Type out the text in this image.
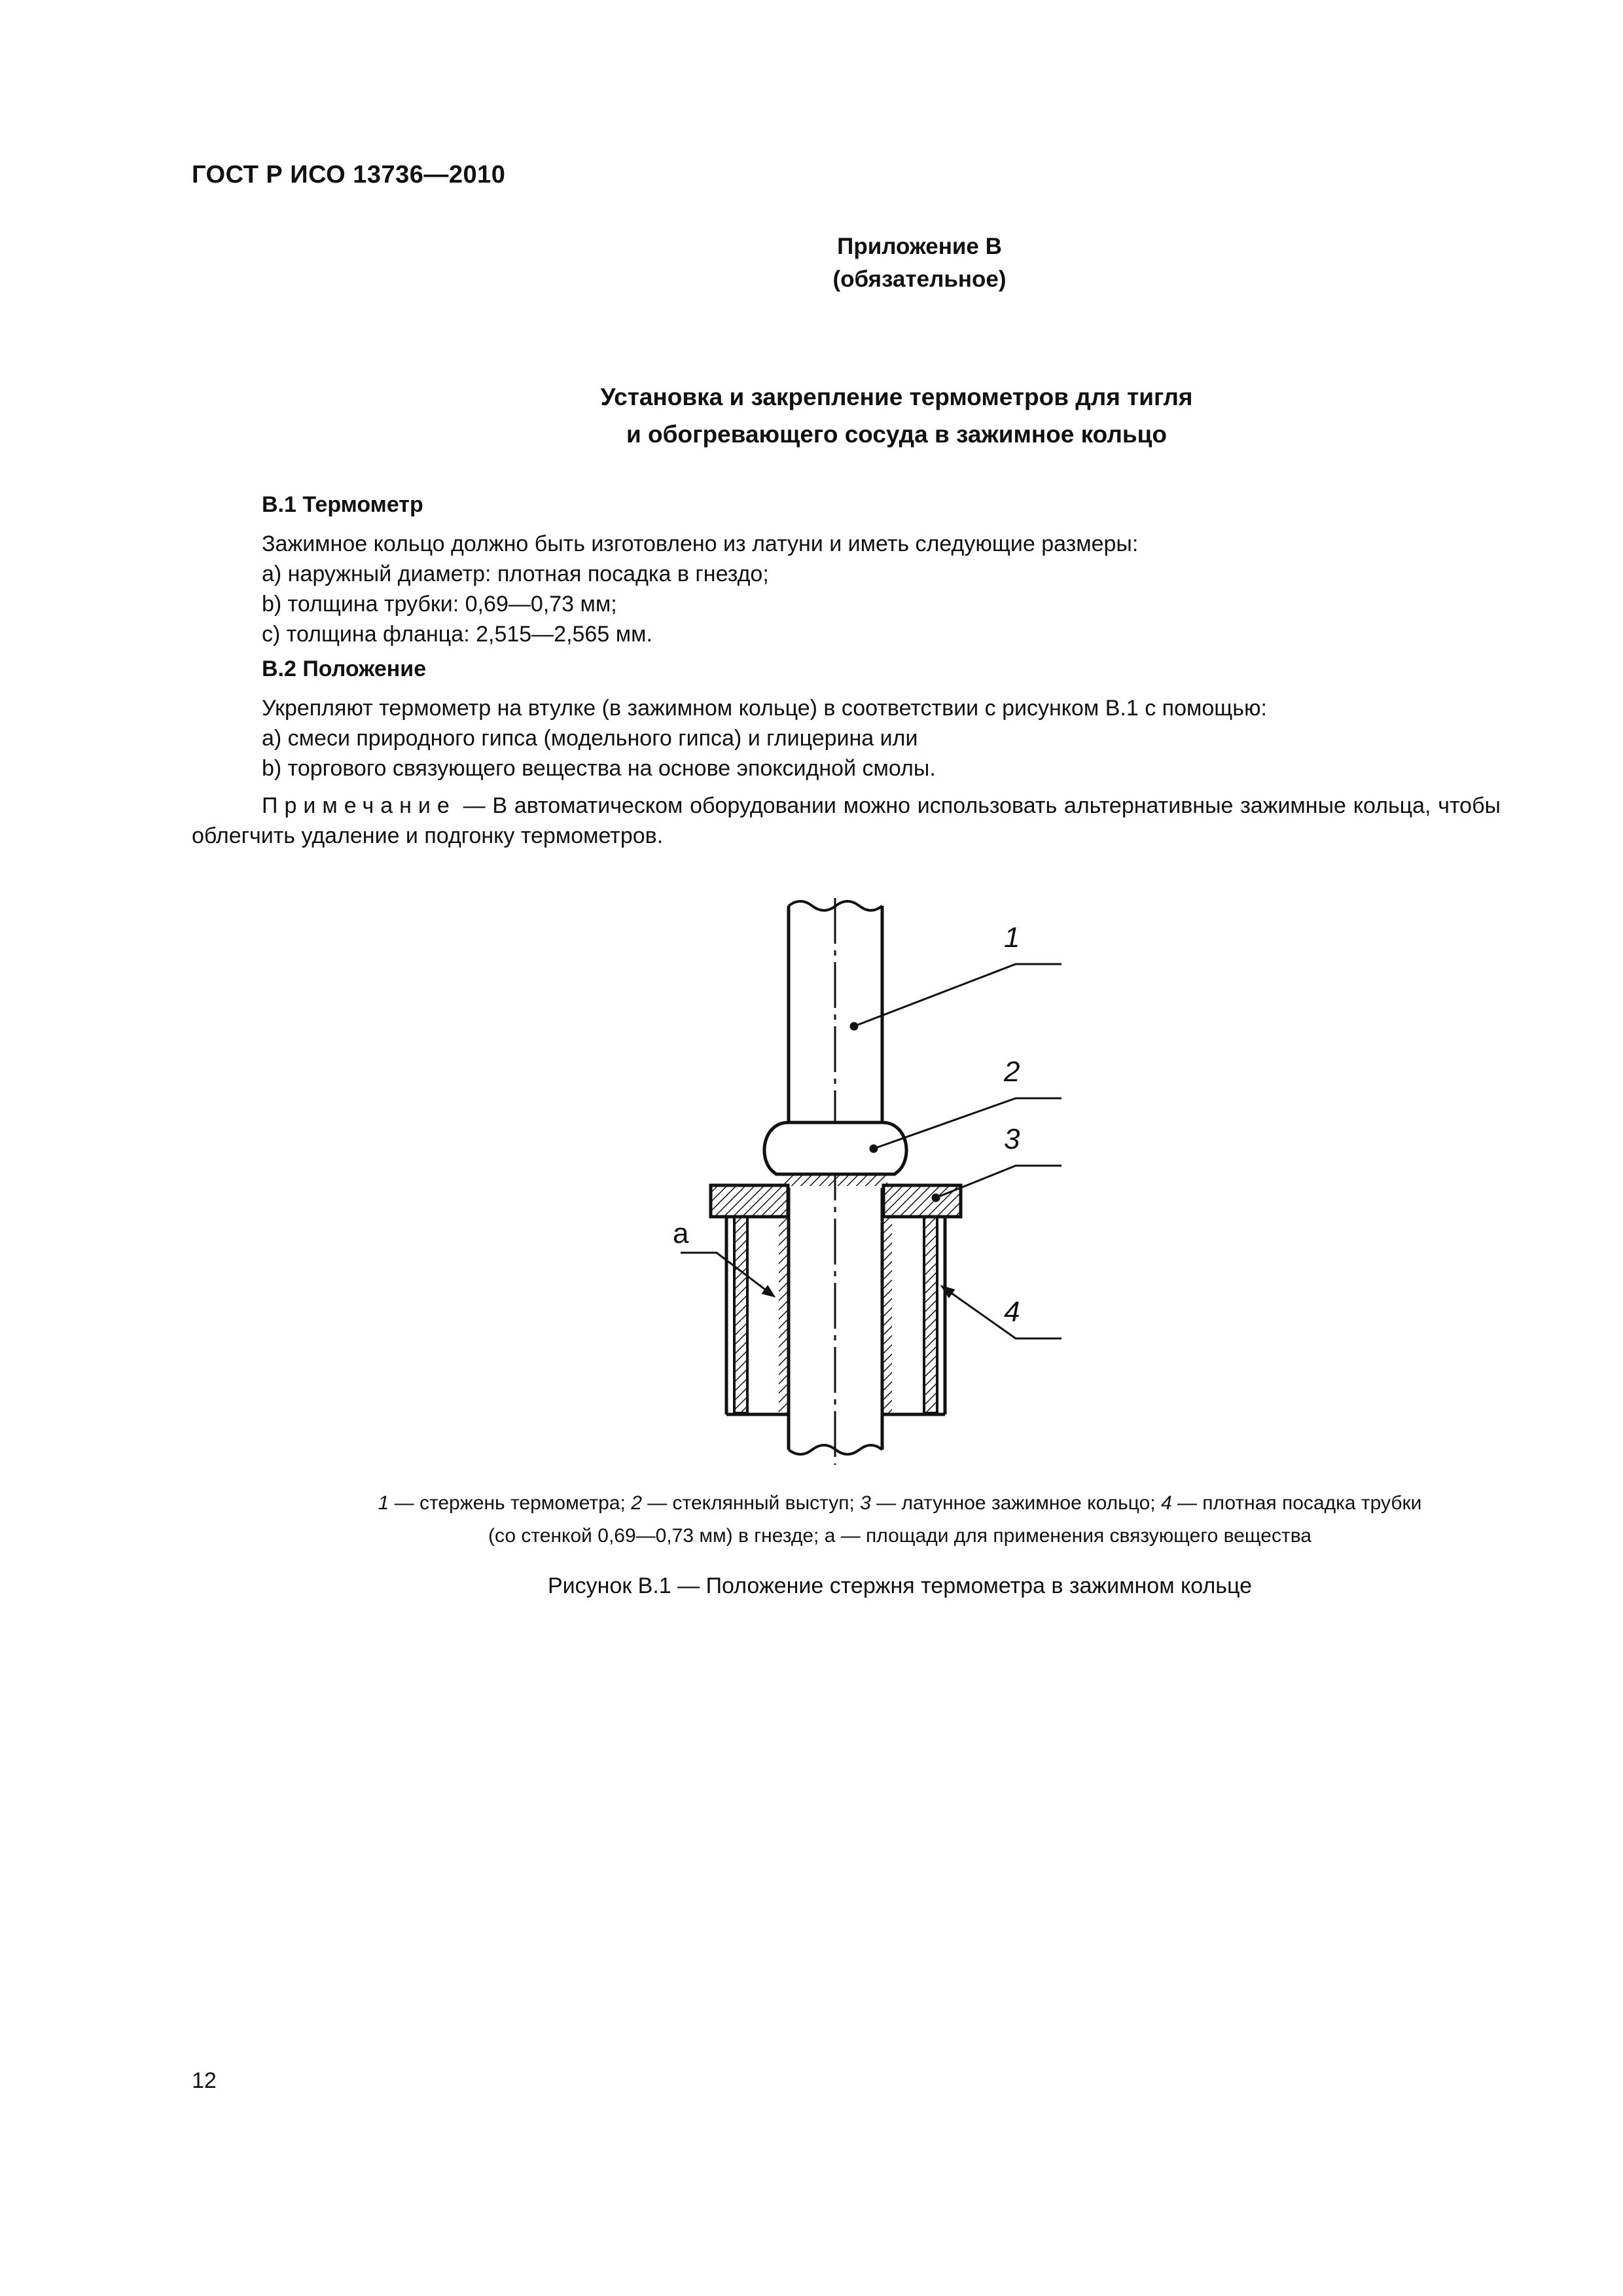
ГОСТ Р ИСО 13736—2010
Приложение B
(обязательное)
Установка и закрепление термометров для тигля
и обогревающего сосуда в зажимное кольцо
B.1 Термометр
Зажимное кольцо должно быть изготовлено из латуни и иметь следующие размеры:
a) наружный диаметр: плотная посадка в гнездо;
b) толщина трубки: 0,69—0,73 мм;
c) толщина фланца: 2,515—2,565 мм.
B.2 Положение
Укрепляют термометр на втулке (в зажимном кольце) в соответствии с рисунком B.1 с помощью:
a) смеси природного гипса (модельного гипса) и глицерина или
b) торгового связующего вещества на основе эпоксидной смолы.
Примечание — В автоматическом оборудовании можно использовать альтернативные зажимные кольца, чтобы облегчить удаление и подгонку термометров.
1
2
3
4
a
1 — стержень термометра; 2 — стеклянный выступ; 3 — латунное зажимное кольцо; 4 — плотная посадка трубки
(со стенкой 0,69—0,73 мм) в гнезде; a — площади для применения связующего вещества
Рисунок B.1 — Положение стержня термометра в зажимном кольце
12
